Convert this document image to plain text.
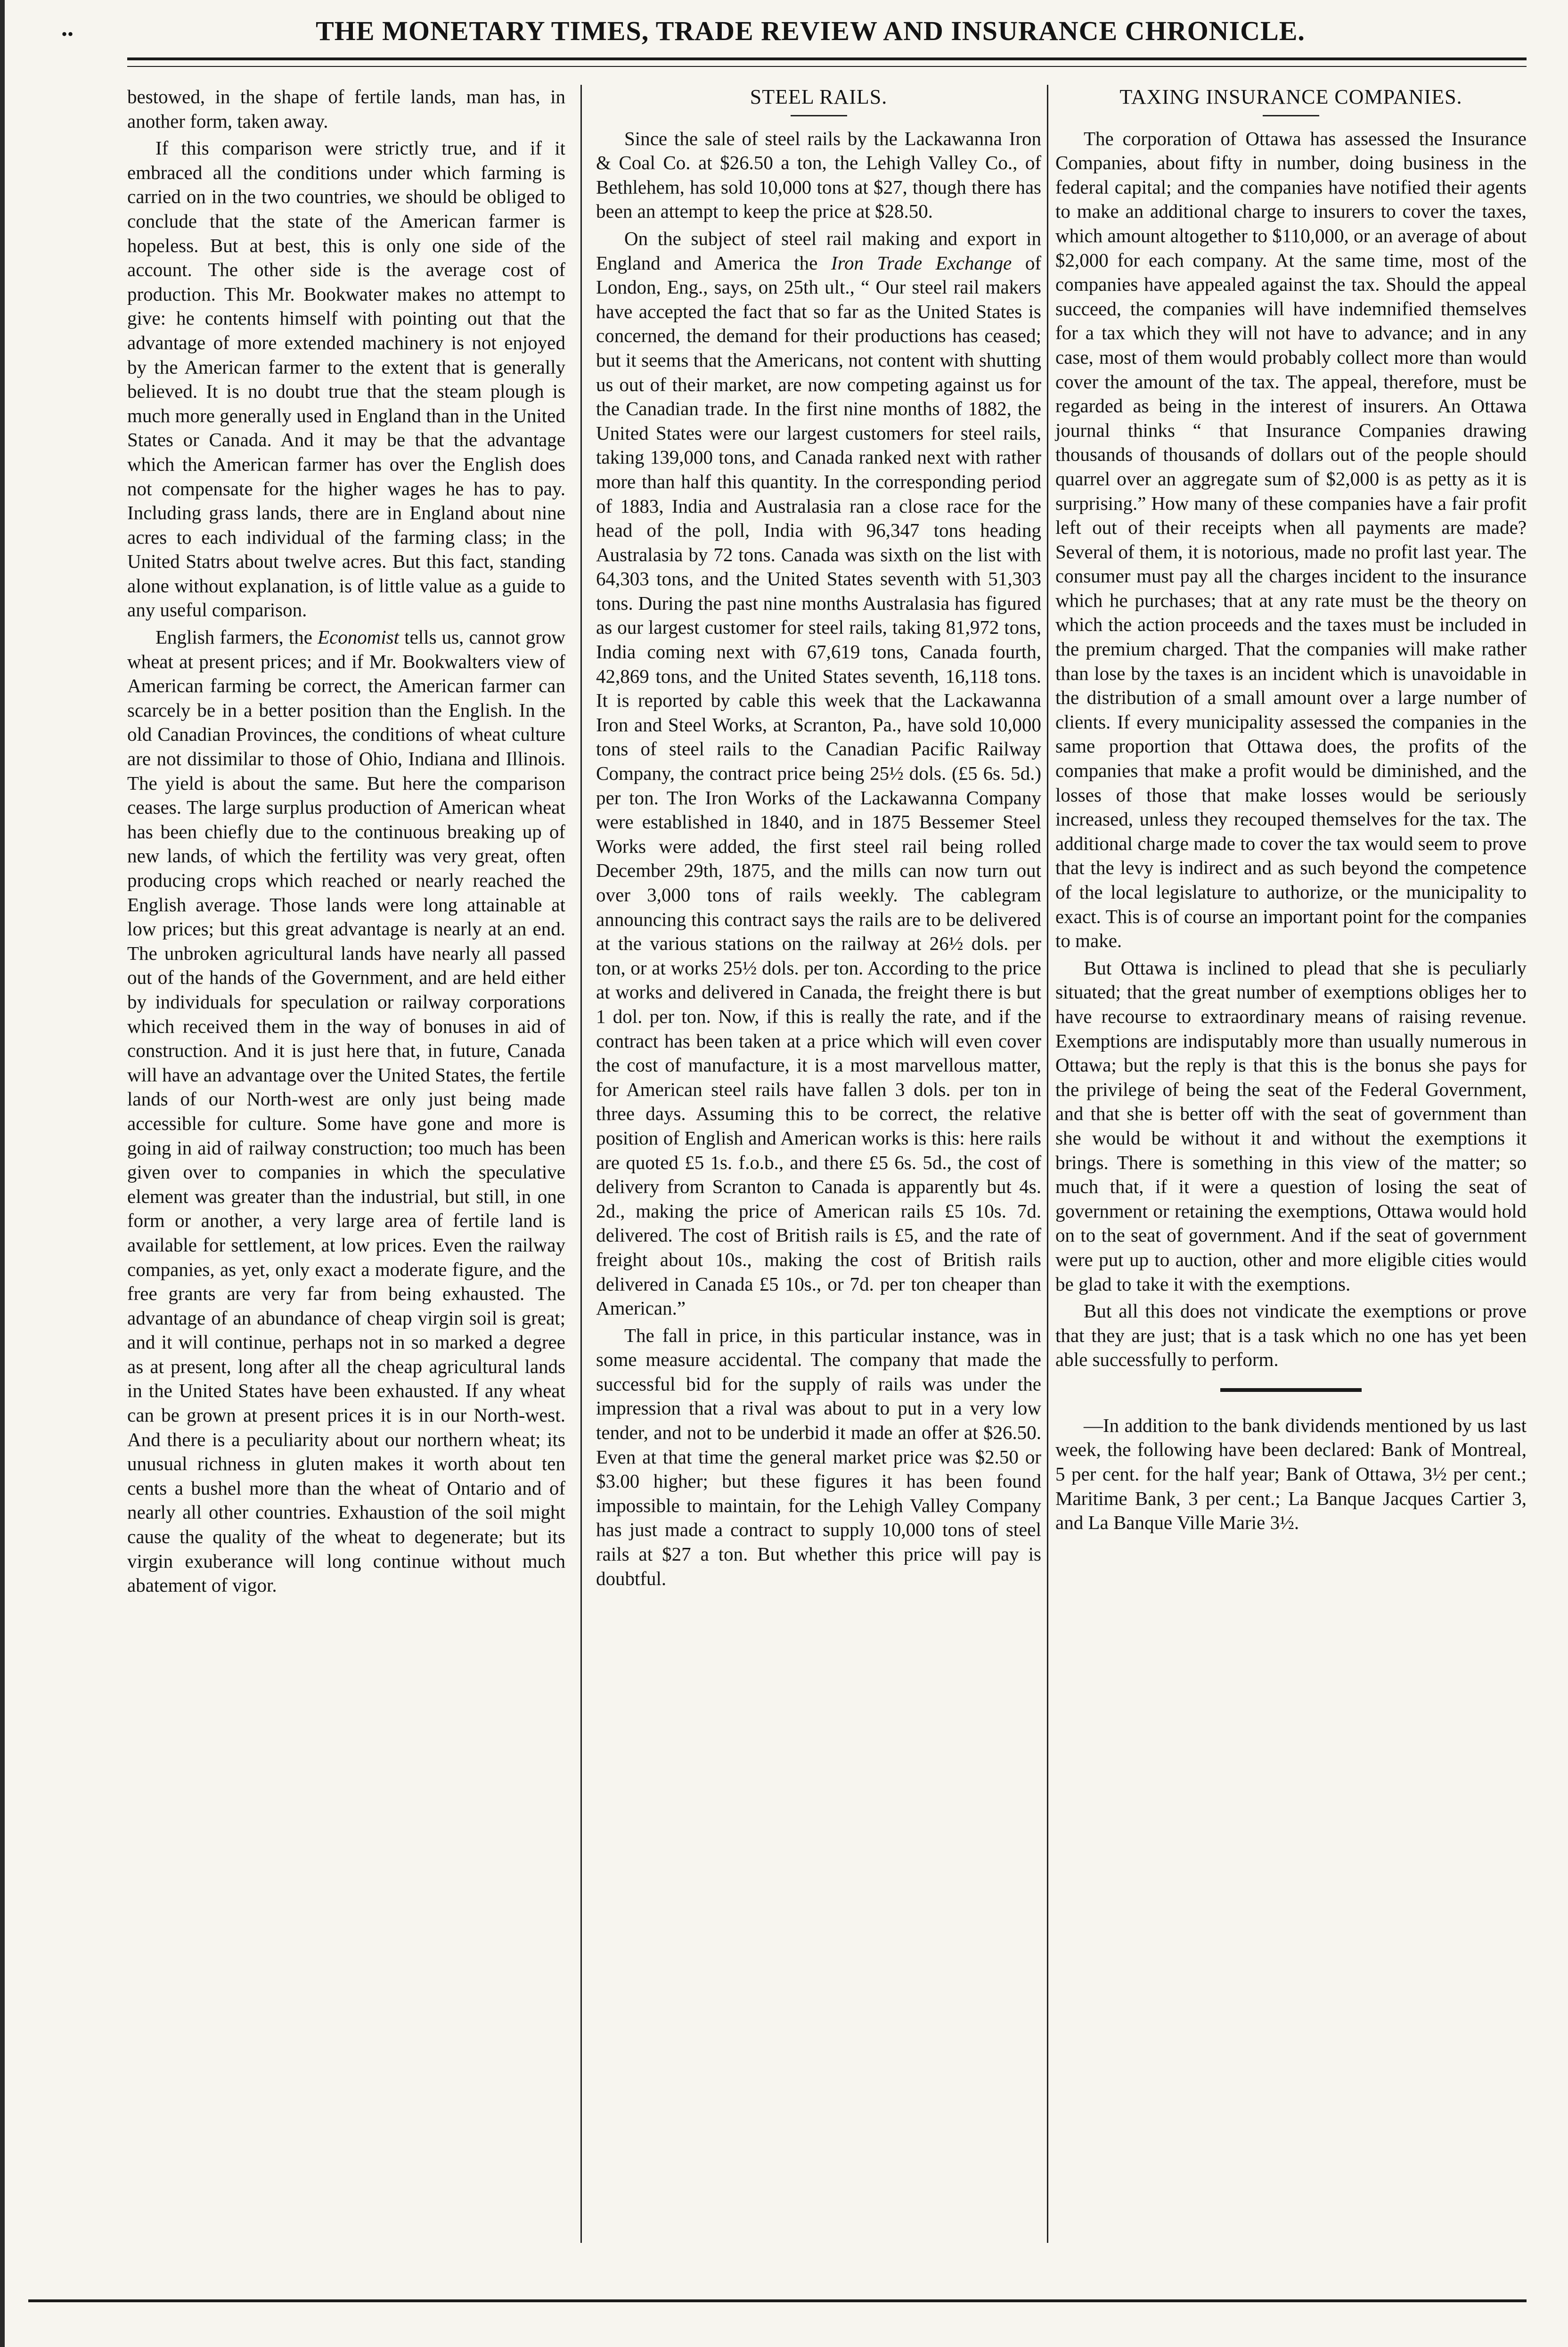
..	THE MONETARY TIMES, TRADE REVIEW AND INSURANCE CHRONICLE.

bestowed, in the shape of fertile lands, man has, in another form, taken away.

If this comparison were strictly true, and if it embraced all the conditions under which farming is carried on in the two countries, we should be obliged to conclude that the state of the American farmer is hopeless. But at best, this is only one side of the account. The other side is the average cost of production. This Mr. Bookwater makes no attempt to give: he contents himself with pointing out that the advantage of more extended machinery is not enjoyed by the American farmer to the extent that is generally believed. It is no doubt true that the steam plough is much more generally used in England than in the United States or Canada. And it may be that the advantage which the American farmer has over the English does not compensate for the higher wages he has to pay. Including grass lands, there are in England about nine acres to each individual of the farming class; in the United Statrs about twelve acres. But this fact, standing alone without explanation, is of little value as a guide to any useful comparison.

English farmers, the Economist tells us, cannot grow wheat at present prices; and if Mr. Bookwalters view of American farming be correct, the American farmer can scarcely be in a better position than the English. In the old Canadian Provinces, the conditions of wheat culture are not dissimilar to those of Ohio, Indiana and Illinois. The yield is about the same. But here the comparison ceases. The large surplus production of American wheat has been chiefly due to the continuous breaking up of new lands, of which the fertility was very great, often producing crops which reached or nearly reached the English average. Those lands were long attainable at low prices; but this great advantage is nearly at an end. The unbroken agricultural lands have nearly all passed out of the hands of the Government, and are held either by individuals for speculation or railway corporations which received them in the way of bonuses in aid of construction. And it is just here that, in future, Canada will have an advantage over the United States, the fertile lands of our North-west are only just being made accessible for culture. Some have gone and more is going in aid of railway construction; too much has been given over to companies in which the speculative element was greater than the industrial, but still, in one form or another, a very large area of fertile land is available for settlement, at low prices. Even the railway companies, as yet, only exact a moderate figure, and the free grants are very far from being exhausted. The advantage of an abundance of cheap virgin soil is great; and it will continue, perhaps not in so marked a degree as at present, long after all the cheap agricultural lands in the United States have been exhausted. If any wheat can be grown at present prices it is in our North-west. And there is a peculiarity about our northern wheat; its unusual richness in gluten makes it worth about ten cents a bushel more than the wheat of Ontario and of nearly all other countries. Exhaustion of the soil might cause the quality of the wheat to degenerate; but its virgin exuberance will long continue without much abatement of vigor.

STEEL RAILS.

Since the sale of steel rails by the Lackawanna Iron & Coal Co. at $26.50 a ton, the Lehigh Valley Co., of Bethlehem, has sold 10,000 tons at $27, though there has been an attempt to keep the price at $28.50.

On the subject of steel rail making and export in England and America the Iron Trade Exchange of London, Eng., says, on 25th ult., “ Our steel rail makers have accepted the fact that so far as the United States is concerned, the demand for their productions has ceased; but it seems that the Americans, not content with shutting us out of their market, are now competing against us for the Canadian trade. In the first nine months of 1882, the United States were our largest customers for steel rails, taking 139,000 tons, and Canada ranked next with rather more than half this quantity. In the corresponding period of 1883, India and Australasia ran a close race for the head of the poll, India with 96,347 tons heading Australasia by 72 tons. Canada was sixth on the list with 64,303 tons, and the United States seventh with 51,303 tons. During the past nine months Australasia has figured as our largest customer for steel rails, taking 81,972 tons, India coming next with 67,619 tons, Canada fourth, 42,869 tons, and the United States seventh, 16,118 tons. It is reported by cable this week that the Lackawanna Iron and Steel Works, at Scranton, Pa., have sold 10,000 tons of steel rails to the Canadian Pacific Railway Company, the contract price being 25½ dols. (£5 6s. 5d.) per ton. The Iron Works of the Lackawanna Company were established in 1840, and in 1875 Bessemer Steel Works were added, the first steel rail being rolled December 29th, 1875, and the mills can now turn out over 3,000 tons of rails weekly. The cablegram announcing this contract says the rails are to be delivered at the various stations on the railway at 26½ dols. per ton, or at works 25½ dols. per ton. According to the price at works and delivered in Canada, the freight there is but 1 dol. per ton. Now, if this is really the rate, and if the contract has been taken at a price which will even cover the cost of manufacture, it is a most marvellous matter, for American steel rails have fallen 3 dols. per ton in three days. Assuming this to be correct, the relative position of English and American works is this: here rails are quoted £5 1s. f.o.b., and there £5 6s. 5d., the cost of delivery from Scranton to Canada is apparently but 4s. 2d., making the price of American rails £5 10s. 7d. delivered. The cost of British rails is £5, and the rate of freight about 10s., making the cost of British rails delivered in Canada £5 10s., or 7d. per ton cheaper than American.”

The fall in price, in this particular instance, was in some measure accidental. The company that made the successful bid for the supply of rails was under the impression that a rival was about to put in a very low tender, and not to be underbid it made an offer at $26.50. Even at that time the general market price was $2.50 or $3.00 higher; but these figures it has been found impossible to maintain, for the Lehigh Valley Company has just made a contract to supply 10,000 tons of steel rails at $27 a ton. But whether this price will pay is doubtful.

TAXING INSURANCE COMPANIES.

The corporation of Ottawa has assessed the Insurance Companies, about fifty in number, doing business in the federal capital; and the companies have notified their agents to make an additional charge to insurers to cover the taxes, which amount altogether to $110,000, or an average of about $2,000 for each company. At the same time, most of the companies have appealed against the tax. Should the appeal succeed, the companies will have indemnified themselves for a tax which they will not have to advance; and in any case, most of them would probably collect more than would cover the amount of the tax. The appeal, therefore, must be regarded as being in the interest of insurers. An Ottawa journal thinks “ that Insurance Companies drawing thousands of thousands of dollars out of the people should quarrel over an aggregate sum of $2,000 is as petty as it is surprising.” How many of these companies have a fair profit left out of their receipts when all payments are made? Several of them, it is notorious, made no profit last year. The consumer must pay all the charges incident to the insurance which he purchases; that at any rate must be the theory on which the action proceeds and the taxes must be included in the premium charged. That the companies will make rather than lose by the taxes is an incident which is unavoidable in the distribution of a small amount over a large number of clients. If every municipality assessed the companies in the same proportion that Ottawa does, the profits of the companies that make a profit would be diminished, and the losses of those that make losses would be seriously increased, unless they recouped themselves for the tax. The additional charge made to cover the tax would seem to prove that the levy is indirect and as such beyond the competence of the local legislature to authorize, or the municipality to exact. This is of course an important point for the companies to make.

But Ottawa is inclined to plead that she is peculiarly situated; that the great number of exemptions obliges her to have recourse to extraordinary means of raising revenue. Exemptions are indisputably more than usually numerous in Ottawa; but the reply is that this is the bonus she pays for the privilege of being the seat of the Federal Government, and that she is better off with the seat of government than she would be without it and without the exemptions it brings. There is something in this view of the matter; so much that, if it were a question of losing the seat of government or retaining the exemptions, Ottawa would hold on to the seat of government. And if the seat of government were put up to auction, other and more eligible cities would be glad to take it with the exemptions.

But all this does not vindicate the exemptions or prove that they are just; that is a task which no one has yet been able successfully to perform.

—In addition to the bank dividends mentioned by us last week, the following have been declared: Bank of Montreal, 5 per cent. for the half year; Bank of Ottawa, 3½ per cent.; Maritime Bank, 3 per cent.; La Banque Jacques Cartier 3, and La Banque Ville Marie 3½.
